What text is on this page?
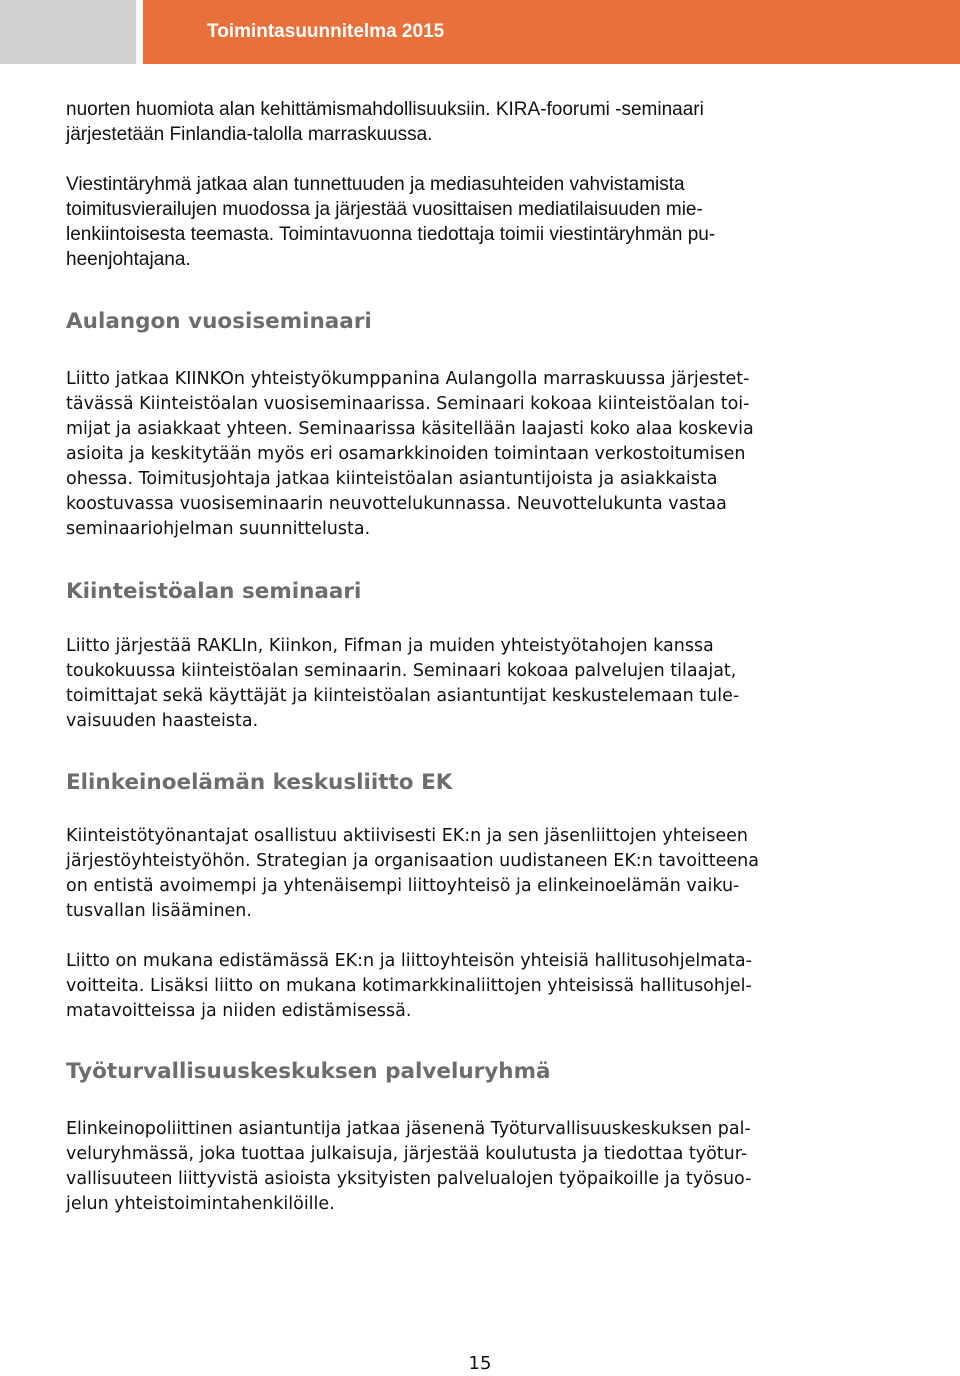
Toimintasuunnitelma 2015

nuorten huomiota alan kehittämismahdollisuuksiin. KIRA-foorumi -seminaari
järjestetään Finlandia-talolla marraskuussa.

Viestintäryhmä jatkaa alan tunnettuuden ja mediasuhteiden vahvistamista
toimitusvierailujen muodossa ja järjestää vuosittaisen mediatilaisuuden mie-
lenkiintoisesta teemasta. Toimintavuonna tiedottaja toimii viestintäryhmän pu-
heenjohtajana.

Aulangon vuosiseminaari

Liitto jatkaa KIINKOn yhteistyökumppanina Aulangolla marraskuussa järjestet-
tävässä Kiinteistöalan vuosiseminaarissa. Seminaari kokoaa kiinteistöalan toi-
mijat ja asiakkaat yhteen. Seminaarissa käsitellään laajasti koko alaa koskevia
asioita ja keskitytään myös eri osamarkkinoiden toimintaan verkostoitumisen
ohessa. Toimitusjohtaja jatkaa kiinteistöalan asiantuntijoista ja asiakkaista
koostuvassa vuosiseminaarin neuvottelukunnassa. Neuvottelukunta vastaa
seminaariohjelman suunnittelusta.

Kiinteistöalan seminaari

Liitto järjestää RAKLIn, Kiinkon, Fifman ja muiden yhteistyötahojen kanssa
toukokuussa kiinteistöalan seminaarin. Seminaari kokoaa palvelujen tilaajat,
toimittajat sekä käyttäjät ja kiinteistöalan asiantuntijat keskustelemaan tule-
vaisuuden haasteista.

Elinkeinoelämän keskusliitto EK

Kiinteistötyönantajat osallistuu aktiivisesti EK:n ja sen jäsenliittojen yhteiseen
järjestöyhteistyöhön. Strategian ja organisaation uudistaneen EK:n tavoitteena
on entistä avoimempi ja yhtenäisempi liittoyhteisö ja elinkeinoelämän vaiku-
tusvallan lisääminen.

Liitto on mukana edistämässä EK:n ja liittoyhteisön yhteisiä hallitusohjelmata-
voitteita. Lisäksi liitto on mukana kotimarkkinaliittojen yhteisissä hallitusohjel-
matavoitteissa ja niiden edistämisessä.

Työturvallisuuskeskuksen palveluryhmä

Elinkeinopoliittinen asiantuntija jatkaa jäsenenä Työturvallisuuskeskuksen pal-
veluryhmässä, joka tuottaa julkaisuja, järjestää koulutusta ja tiedottaa työtur-
vallisuuteen liittyvistä asioista yksityisten palvelualojen työpaikoille ja työsuo-
jelun yhteistoimintahenkilöille.

15
